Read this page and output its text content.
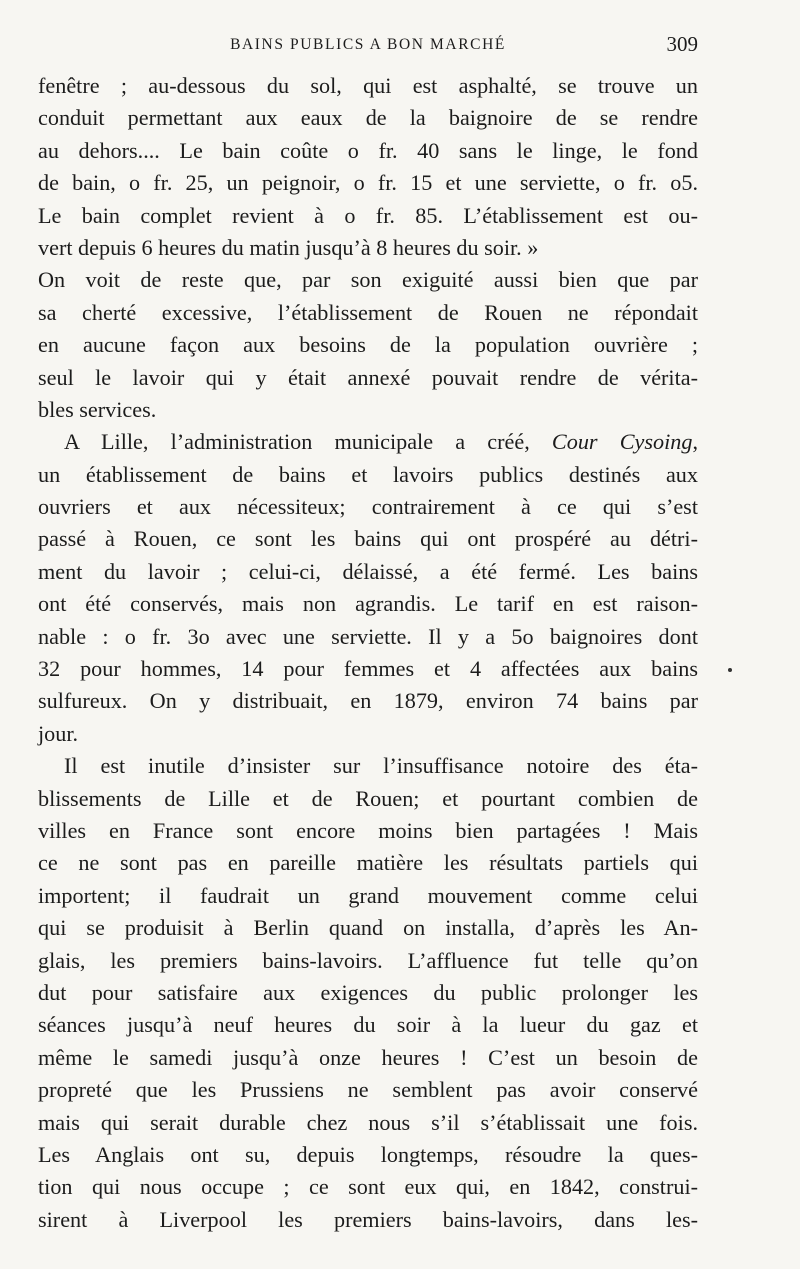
BAINS PUBLICS A BON MARCHÉ	309
fenêtre ; au-dessous du sol, qui est asphalté, se trouve un
conduit permettant aux eaux de la baignoire de se rendre
au dehors.... Le bain coûte o fr. 40 sans le linge, le fond
de bain, o fr. 25, un peignoir, o fr. 15 et une serviette, o fr. o5.
Le bain complet revient à o fr. 85. L’établissement est ou-
vert depuis 6 heures du matin jusqu’à 8 heures du soir. »
On voit de reste que, par son exiguité aussi bien que par
sa cherté excessive, l’établissement de Rouen ne répondait
en aucune façon aux besoins de la population ouvrière ;
seul le lavoir qui y était annexé pouvait rendre de vérita-
bles services.
A Lille, l’administration municipale a créé, Cour Cysoing,
un établissement de bains et lavoirs publics destinés aux
ouvriers et aux nécessiteux; contrairement à ce qui s’est
passé à Rouen, ce sont les bains qui ont prospéré au détri-
ment du lavoir ; celui-ci, délaissé, a été fermé. Les bains
ont été conservés, mais non agrandis. Le tarif en est raison-
nable : o fr. 3o avec une serviette. Il y a 5o baignoires dont
32 pour hommes, 14 pour femmes et 4 affectées aux bains
sulfureux. On y distribuait, en 1879, environ 74 bains par
jour.
Il est inutile d’insister sur l’insuffisance notoire des éta-
blissements de Lille et de Rouen; et pourtant combien de
villes en France sont encore moins bien partagées ! Mais
ce ne sont pas en pareille matière les résultats partiels qui
importent; il faudrait un grand mouvement comme celui
qui se produisit à Berlin quand on installa, d’après les An-
glais, les premiers bains-lavoirs. L’affluence fut telle qu’on
dut pour satisfaire aux exigences du public prolonger les
séances jusqu’à neuf heures du soir à la lueur du gaz et
même le samedi jusqu’à onze heures ! C’est un besoin de
propreté que les Prussiens ne semblent pas avoir conservé
mais qui serait durable chez nous s’il s’établissait une fois.
Les Anglais ont su, depuis longtemps, résoudre la ques-
tion qui nous occupe ; ce sont eux qui, en 1842, construi-
sirent à Liverpool les premiers bains-lavoirs, dans les-
